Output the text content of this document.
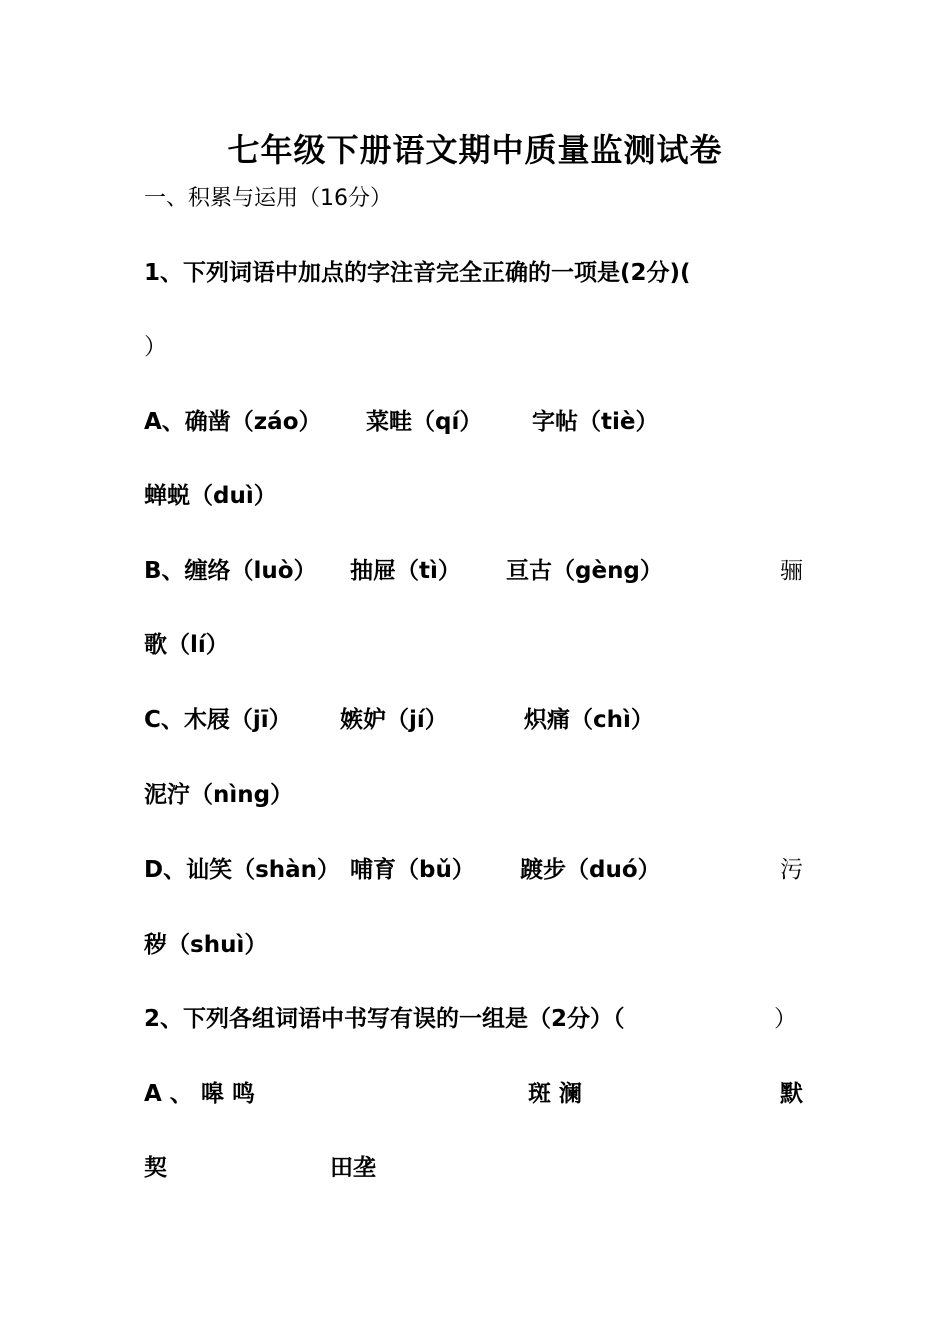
七年级下册语文期中质量监测试卷
一、积累与运用（16分）
1、下列词语中加点的字注音完全正确的一项是(2分)(
）
A、确凿（záo） 菜畦（qí） 字帖（tiè）
蝉蜕（duì）
B、缠络（luò） 抽屉（tì） 亘古（gèng）	骊
歌（lí）
C、木屐（jī） 嫉妒（jí）	炽痛（chì）
泥泞（nìng）
D、讪笑（shàn） 哺育（bǔ） 踱步（duó）	污
秽（shuì）
2、下列各组词语中书写有误的一组是（2分）（	）
A 、 嗥 鸣	斑 澜	默
契	田垄
